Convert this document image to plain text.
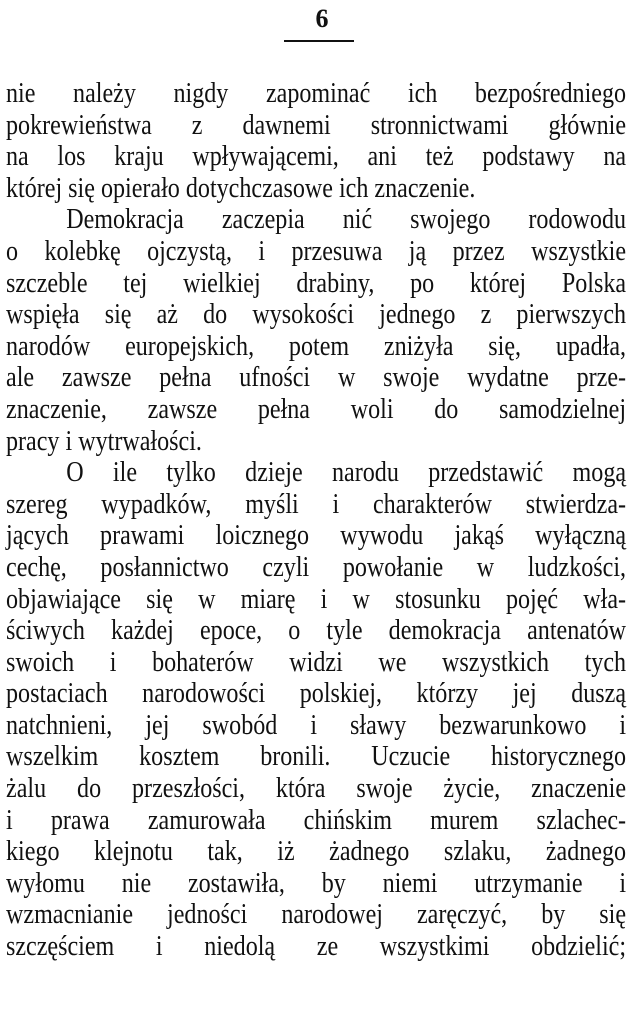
6
nie należy nigdy zapominać ich bezpośredniego
pokrewieństwa z dawnemi stronnictwami głównie
na los kraju wpływającemi, ani też podstawy na
której się opierało dotychczasowe ich znaczenie.
Demokracja zaczepia nić swojego rodowodu
o kolebkę ojczystą, i przesuwa ją przez wszystkie
szczeble tej wielkiej drabiny, po której Polska
wspięła się aż do wysokości jednego z pierwszych
narodów europejskich, potem zniżyła się, upadła,
ale zawsze pełna ufności w swoje wydatne prze-
znaczenie, zawsze pełna woli do samodzielnej
pracy i wytrwałości.
O ile tylko dzieje narodu przedstawić mogą
szereg wypadków, myśli i charakterów stwierdza-
jących prawami loicznego wywodu jakąś wyłączną
cechę, posłannictwo czyli powołanie w ludzkości,
objawiające się w miarę i w stosunku pojęć wła-
ściwych każdej epoce, o tyle demokracja antenatów
swoich i bohaterów widzi we wszystkich tych
postaciach narodowości polskiej, którzy jej duszą
natchnieni, jej swobód i sławy bezwarunkowo i
wszelkim kosztem bronili. Uczucie historycznego
żalu do przeszłości, która swoje życie, znaczenie
i prawa zamurowała chińskim murem szlachec-
kiego klejnotu tak, iż żadnego szlaku, żadnego
wyłomu nie zostawiła, by niemi utrzymanie i
wzmacnianie jedności narodowej zaręczyć, by się
szczęściem i niedolą ze wszystkimi obdzielić;
